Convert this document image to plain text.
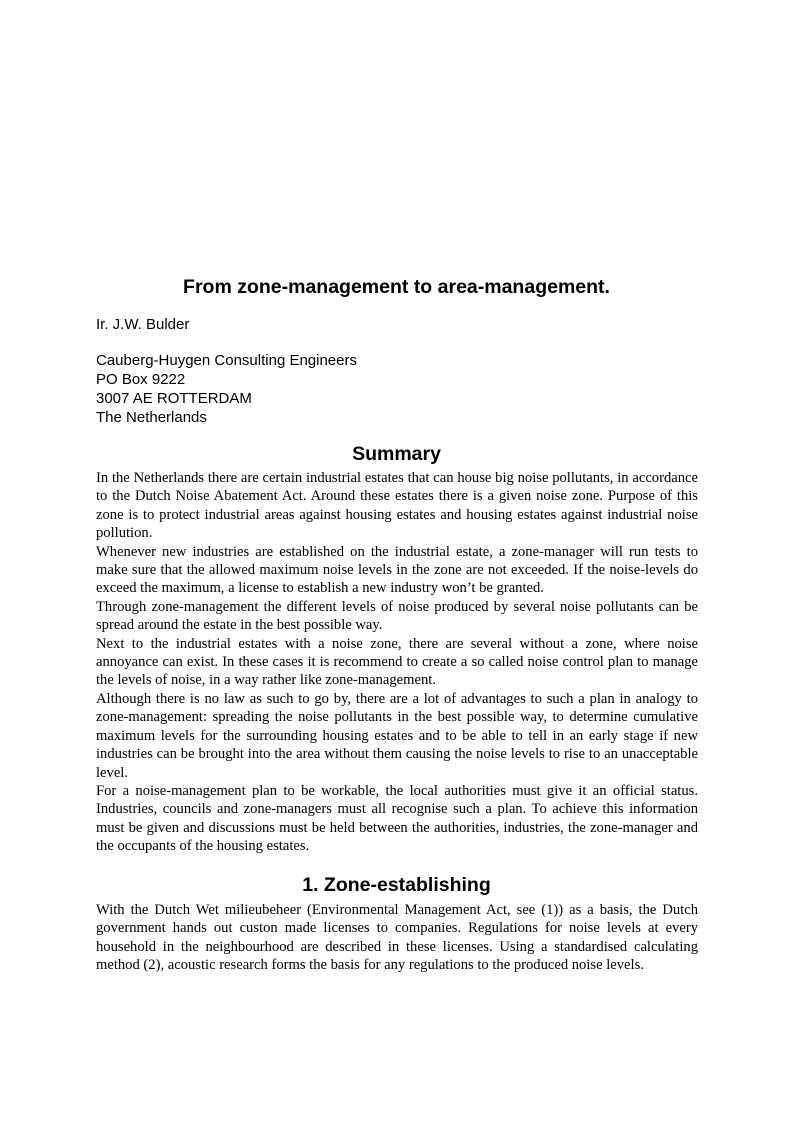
From zone-management to area-management.
Ir. J.W. Bulder
Cauberg-Huygen Consulting Engineers
PO Box 9222
3007 AE ROTTERDAM
The Netherlands
Summary

In the Netherlands there are certain industrial estates that can house big noise pollutants, in accordance to the Dutch Noise Abatement Act. Around these estates there is a given noise zone. Purpose of this zone is to protect industrial areas against housing estates and housing estates against industrial noise pollution.

Whenever new industries are established on the industrial estate, a zone-manager will run tests to make sure that the allowed maximum noise levels in the zone are not exceeded. If the noise-levels do exceed the maximum, a license to establish a new industry won’t be granted.

Through zone-management the different levels of noise produced by several noise pollutants can be spread around the estate in the best possible way.

Next to the industrial estates with a noise zone, there are several without a zone, where noise annoyance can exist. In these cases it is recommend to create a so called noise control plan to manage the levels of noise, in a way rather like zone-management.

Although there is no law as such to go by, there are a lot of advantages to such a plan in analogy to zone-management: spreading the noise pollutants in the best possible way, to determine cumulative maximum levels for the surrounding housing estates and to be able to tell in an early stage if new industries can be brought into the area without them causing the noise levels to rise to an unacceptable level.

For a noise-management plan to be workable, the local authorities must give it an official status. Industries, councils and zone-managers must all recognise such a plan. To achieve this information must be given and discussions must be held between the authorities, industries, the zone-manager and the occupants of the housing estates.

1. Zone-establishing

With the Dutch Wet milieubeheer (Environmental Management Act, see (1)) as a basis, the Dutch government hands out custon made licenses to companies. Regulations for noise levels at every household in the neighbourhood are described in these licenses. Using a standardised calculating method (2), acoustic research forms the basis for any regulations to the produced noise levels.
